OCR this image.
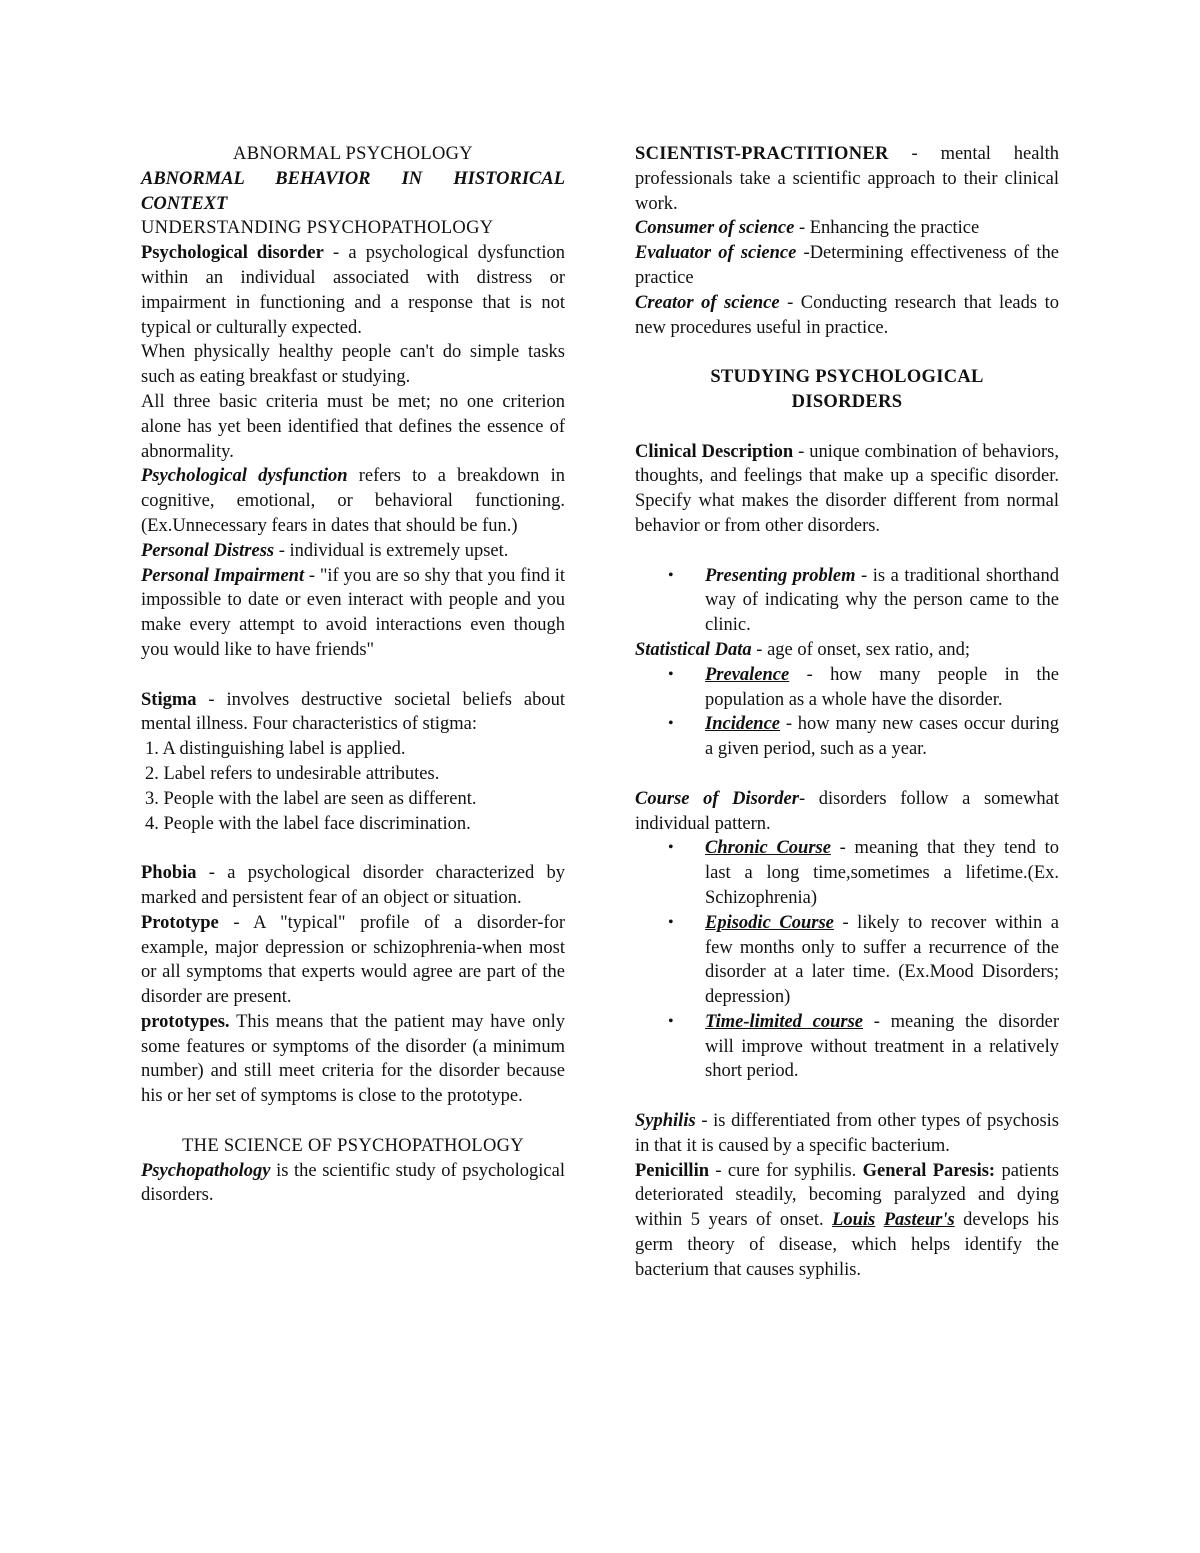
ABNORMAL PSYCHOLOGY

ABNORMAL BEHAVIOR IN HISTORICAL CONTEXT

UNDERSTANDING PSYCHOPATHOLOGY

Psychological disorder - a psychological dysfunction within an individual associated with distress or impairment in functioning and a response that is not typical or culturally expected.

When physically healthy people can't do simple tasks such as eating breakfast or studying.

All three basic criteria must be met; no one criterion alone has yet been identified that defines the essence of abnormality.

Psychological dysfunction refers to a breakdown in cognitive, emotional, or behavioral functioning. (Ex.Unnecessary fears in dates that should be fun.)

Personal Distress - individual is extremely upset.

Personal Impairment - "if you are so shy that you find it impossible to date or even interact with people and you make every attempt to avoid interactions even though you would like to have friends"

Stigma - involves destructive societal beliefs about mental illness. Four characteristics of stigma:

1. A distinguishing label is applied.
2. Label refers to undesirable attributes.
3. People with the label are seen as different.
4. People with the label face discrimination.

Phobia - a psychological disorder characterized by marked and persistent fear of an object or situation.

Prototype - A "typical" profile of a disorder-for example, major depression or schizophrenia-when most or all symptoms that experts would agree are part of the disorder are present.

prototypes. This means that the patient may have only some features or symptoms of the disorder (a minimum number) and still meet criteria for the disorder because his or her set of symptoms is close to the prototype.

THE SCIENCE OF PSYCHOPATHOLOGY

Psychopathology is the scientific study of psychological disorders.

SCIENTIST-PRACTITIONER - mental health professionals take a scientific approach to their clinical work.

Consumer of science - Enhancing the practice

Evaluator of science -Determining effectiveness of the practice

Creator of science - Conducting research that leads to new procedures useful in practice.

STUDYING PSYCHOLOGICAL DISORDERS

Clinical Description - unique combination of behaviors, thoughts, and feelings that make up a specific disorder. Specify what makes the disorder different from normal behavior or from other disorders.

• Presenting problem - is a traditional shorthand way of indicating why the person came to the clinic.

Statistical Data - age of onset, sex ratio, and;

• Prevalence - how many people in the population as a whole have the disorder.
• Incidence - how many new cases occur during a given period, such as a year.

Course of Disorder- disorders follow a somewhat individual pattern.

• Chronic Course - meaning that they tend to last a long time,sometimes a lifetime.(Ex. Schizophrenia)
• Episodic Course - likely to recover within a few months only to suffer a recurrence of the disorder at a later time. (Ex.Mood Disorders; depression)
• Time-limited course - meaning the disorder will improve without treatment in a relatively short period.

Syphilis - is differentiated from other types of psychosis in that it is caused by a specific bacterium.

Penicillin - cure for syphilis. General Paresis: patients deteriorated steadily, becoming paralyzed and dying within 5 years of onset. Louis Pasteur's develops his germ theory of disease, which helps identify the bacterium that causes syphilis.
